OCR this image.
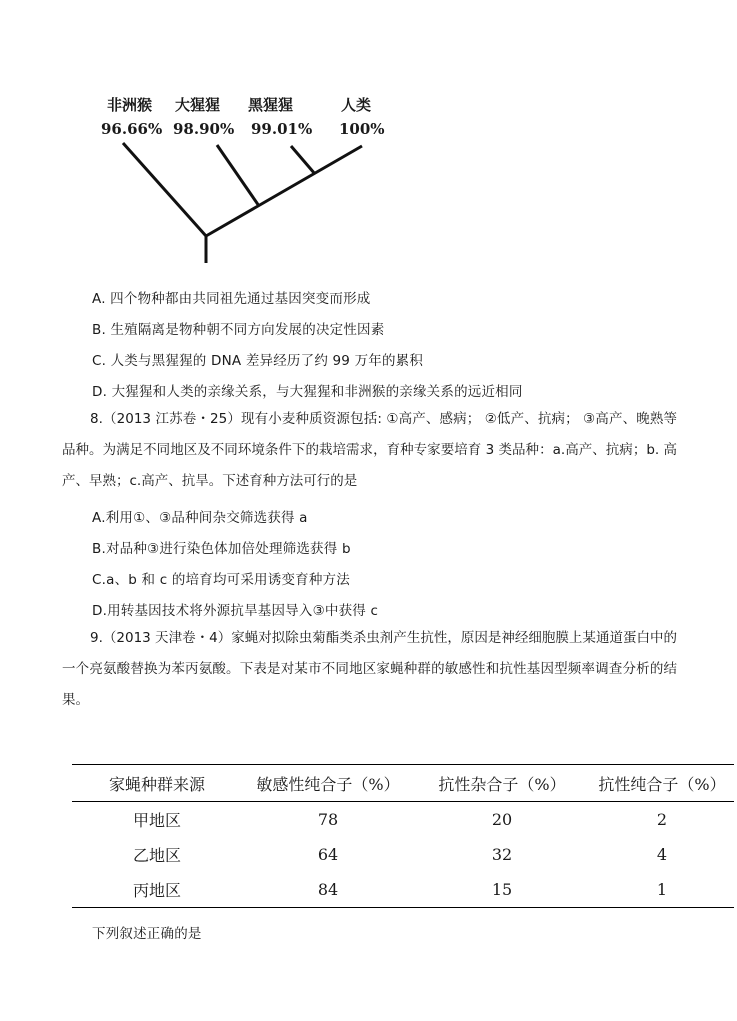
非洲猴
96.66%
大猩猩
98.90%
黑猩猩
99.01%
人类
100%
A. 四个物种都由共同祖先通过基因突变而形成
B. 生殖隔离是物种朝不同方向发展的决定性因素
C. 人类与黑猩猩的 DNA 差异经历了约 99 万年的累积
D. 大猩猩和人类的亲缘关系，与大猩猩和非洲猴的亲缘关系的远近相同
8.（2013 江苏卷・25）现有小麦种质资源包括: ①高产、感病； ②低产、抗病； ③高产、晚熟等品种。为满足不同地区及不同环境条件下的栽培需求，育种专家要培育 3 类品种：a.高产、抗病；b. 高产、早熟；c.高产、抗旱。下述育种方法可行的是
A.利用①、③品种间杂交筛选获得 a
B.对品种③进行染色体加倍处理筛选获得 b
C.a、b 和 c 的培育均可采用诱变育种方法
D.用转基因技术将外源抗旱基因导入③中获得 c
9.（2013 天津卷・4）家蝇对拟除虫菊酯类杀虫剂产生抗性，原因是神经细胞膜上某通道蛋白中的一个亮氨酸替换为苯丙氨酸。下表是对某市不同地区家蝇种群的敏感性和抗性基因型频率调查分析的结果。
家蝇种群来源	敏感性纯合子（%）	抗性杂合子（%）	抗性纯合子（%）
甲地区	78	20	2
乙地区	64	32	4
丙地区	84	15	1
下列叙述正确的是
